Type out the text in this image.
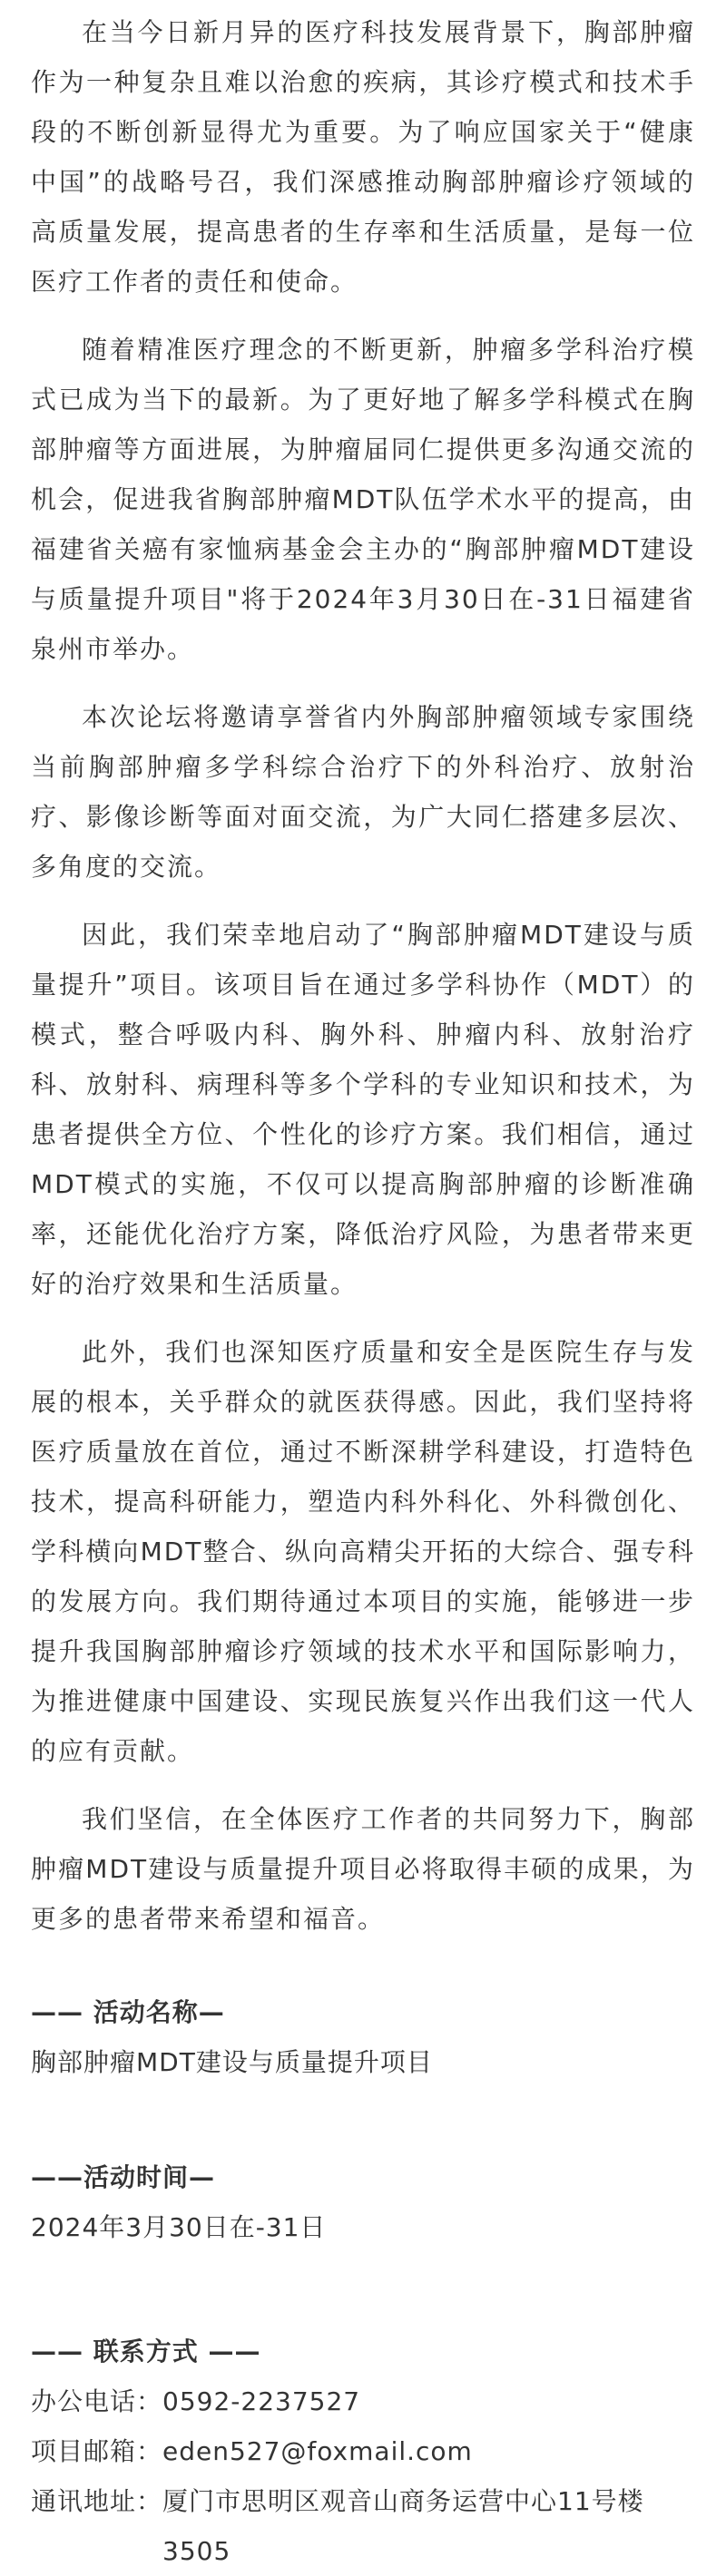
在当今日新月异的医疗科技发展背景下，胸部肿瘤作为一种复杂且难以治愈的疾病，其诊疗模式和技术手段的不断创新显得尤为重要。为了响应国家关于“健康中国”的战略号召，我们深感推动胸部肿瘤诊疗领域的高质量发展，提高患者的生存率和生活质量，是每一位医疗工作者的责任和使命。

随着精准医疗理念的不断更新，肿瘤多学科治疗模式已成为当下的最新。为了更好地了解多学科模式在胸部肿瘤等方面进展，为肿瘤届同仁提供更多沟通交流的机会，促进我省胸部肿瘤MDT队伍学术水平的提高，由福建省关癌有家恤病基金会主办的“胸部肿瘤MDT建设与质量提升项目"将于2024年3月30日在-31日福建省泉州市举办。

本次论坛将邀请享誉省内外胸部肿瘤领域专家围绕当前胸部肿瘤多学科综合治疗下的外科治疗、放射治疗、影像诊断等面对面交流，为广大同仁搭建多层次、多角度的交流。

因此，我们荣幸地启动了“胸部肿瘤MDT建设与质量提升”项目。该项目旨在通过多学科协作（MDT）的模式，整合呼吸内科、胸外科、肿瘤内科、放射治疗科、放射科、病理科等多个学科的专业知识和技术，为患者提供全方位、个性化的诊疗方案。我们相信，通过MDT模式的实施，不仅可以提高胸部肿瘤的诊断准确率，还能优化治疗方案，降低治疗风险，为患者带来更好的治疗效果和生活质量。

此外，我们也深知医疗质量和安全是医院生存与发展的根本，关乎群众的就医获得感。因此，我们坚持将医疗质量放在首位，通过不断深耕学科建设，打造特色技术，提高科研能力，塑造内科外科化、外科微创化、学科横向MDT整合、纵向高精尖开拓的大综合、强专科的发展方向。我们期待通过本项目的实施，能够进一步提升我国胸部肿瘤诊疗领域的技术水平和国际影响力，为推进健康中国建设、实现民族复兴作出我们这一代人的应有贡献。

我们坚信，在全体医疗工作者的共同努力下，胸部肿瘤MDT建设与质量提升项目必将取得丰硕的成果，为更多的患者带来希望和福音。

—— 活动名称—

胸部肿瘤MDT建设与质量提升项目

——活动时间—

2024年3月30日在-31日

—— 联系方式 ——

办公电话： 0592-2237527
项目邮箱： eden527@foxmail.com
通讯地址： 厦门市思明区观音山商务运营中心11号楼3505
